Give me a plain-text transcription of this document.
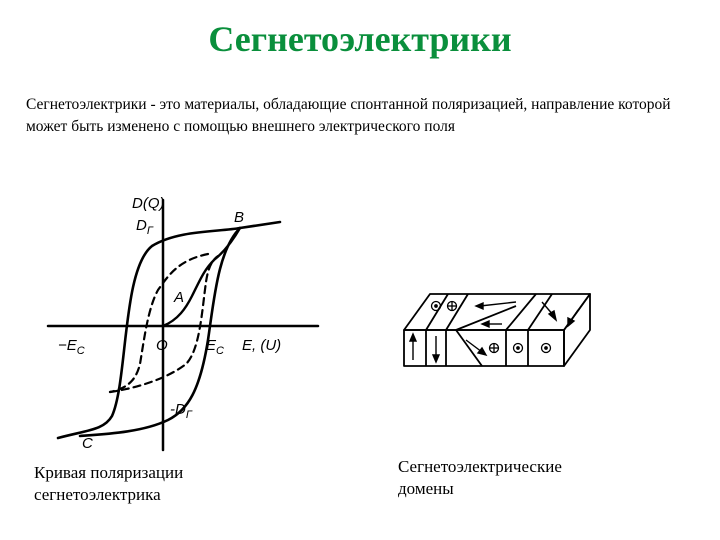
Сегнетоэлектрики
Сегнетоэлектрики - это материалы, обладающие спонтанной поляризацией, направление которой может быть изменено с помощью внешнего электрического поля
D(Q)
$D_Г$
B
A
O
$-E_C$	$E_C$ E, (U)
$-D_Г$
C
Кривая поляризации сегнетоэлектрика
Сегнетоэлектрические домены
